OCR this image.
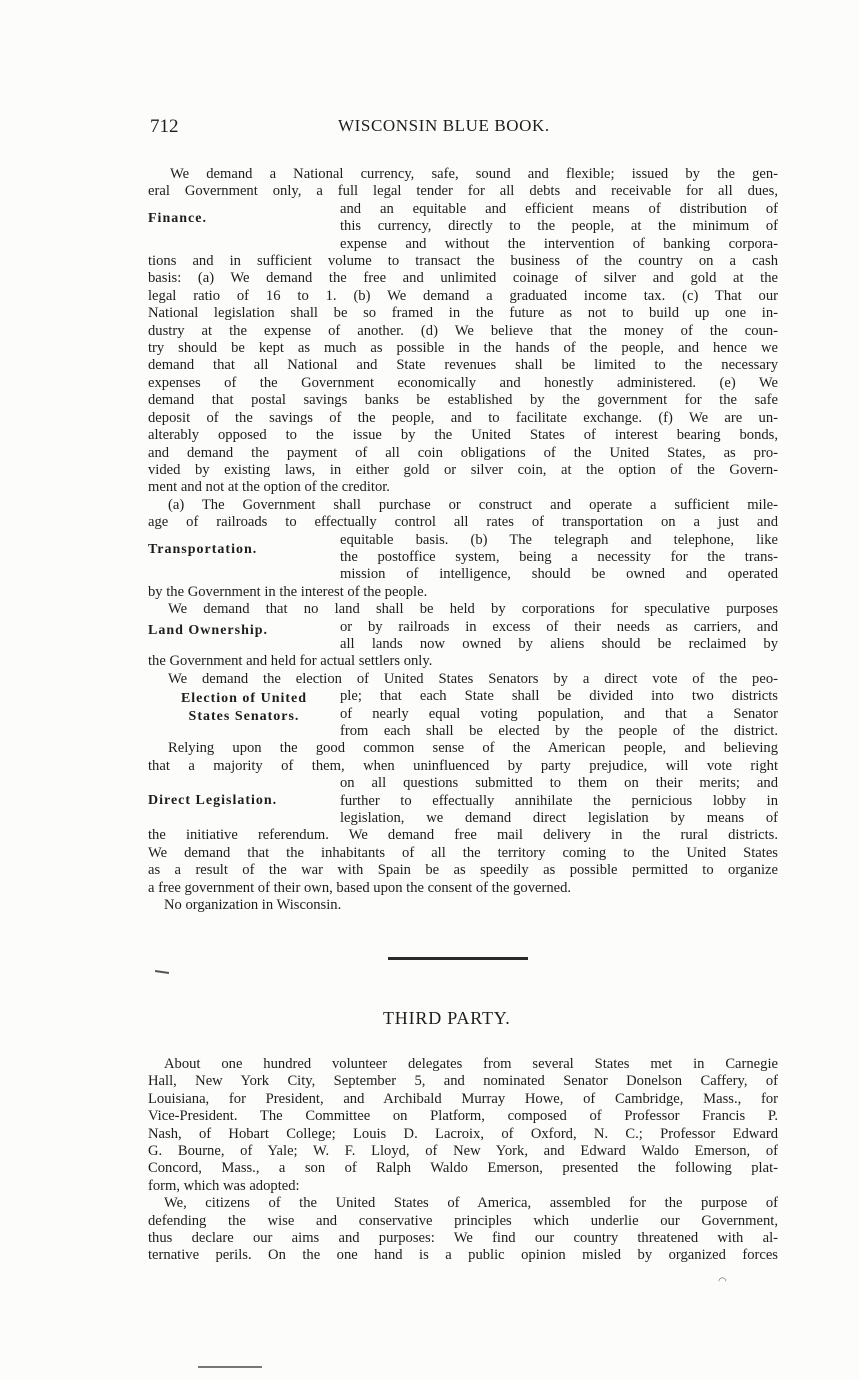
712	WISCONSIN BLUE BOOK.
We demand a National currency, safe, sound and flexible; issued by the gen-
eral Government only, a full legal tender for all debts and receivable for all dues,
Finance.
and an equitable and efficient means of distribution of
this currency, directly to the people, at the minimum of
expense and without the intervention of banking corpora-
tions and in sufficient volume to transact the business of the country on a cash
basis: (a) We demand the free and unlimited coinage of silver and gold at the
legal ratio of 16 to 1. (b) We demand a graduated income tax. (c) That our
National legislation shall be so framed in the future as not to build up one in-
dustry at the expense of another. (d) We believe that the money of the coun-
try should be kept as much as possible in the hands of the people, and hence we
demand that all National and State revenues shall be limited to the necessary
expenses of the Government economically and honestly administered. (e) We
demand that postal savings banks be established by the government for the safe
deposit of the savings of the people, and to facilitate exchange. (f) We are un-
alterably opposed to the issue by the United States of interest bearing bonds,
and demand the payment of all coin obligations of the United States, as pro-
vided by existing laws, in either gold or silver coin, at the option of the Govern-
ment and not at the option of the creditor.
(a) The Government shall purchase or construct and operate a sufficient mile-
age of railroads to effectually control all rates of transportation on a just and
Transportation.
equitable basis. (b) The telegraph and telephone, like
the postoffice system, being a necessity for the trans-
mission of intelligence, should be owned and operated
by the Government in the interest of the people.
We demand that no land shall be held by corporations for speculative purposes
Land Ownership.	or by railroads in excess of their needs as carriers, and
all lands now owned by aliens should be reclaimed by
the Government and held for actual settlers only.
We demand the election of United States Senators by a direct vote of the peo-
Election of United
States Senators.
ple; that each State shall be divided into two districts
of nearly equal voting population, and that a Senator
from each shall be elected by the people of the district.
Relying upon the good common sense of the American people, and believing
that a majority of them, when uninfluenced by party prejudice, will vote right
Direct Legislation.
on all questions submitted to them on their merits; and
further to effectually annihilate the pernicious lobby in
legislation, we demand direct legislation by means of
the initiative referendum. We demand free mail delivery in the rural districts.
We demand that the inhabitants of all the territory coming to the United States
as a result of the war with Spain be as speedily as possible permitted to organize
a free government of their own, based upon the consent of the governed.
No organization in Wisconsin.
THIRD PARTY.
About one hundred volunteer delegates from several States met in Carnegie
Hall, New York City, September 5, and nominated Senator Donelson Caffery, of
Louisiana, for President, and Archibald Murray Howe, of Cambridge, Mass., for
Vice-President. The Committee on Platform, composed of Professor Francis P.
Nash, of Hobart College; Louis D. Lacroix, of Oxford, N. C.; Professor Edward
G. Bourne, of Yale; W. F. Lloyd, of New York, and Edward Waldo Emerson, of
Concord, Mass., a son of Ralph Waldo Emerson, presented the following plat-
form, which was adopted:
We, citizens of the United States of America, assembled for the purpose of
defending the wise and conservative principles which underlie our Government,
thus declare our aims and purposes: We find our country threatened with al-
ternative perils. On the one hand is a public opinion misled by organized forces
◠
